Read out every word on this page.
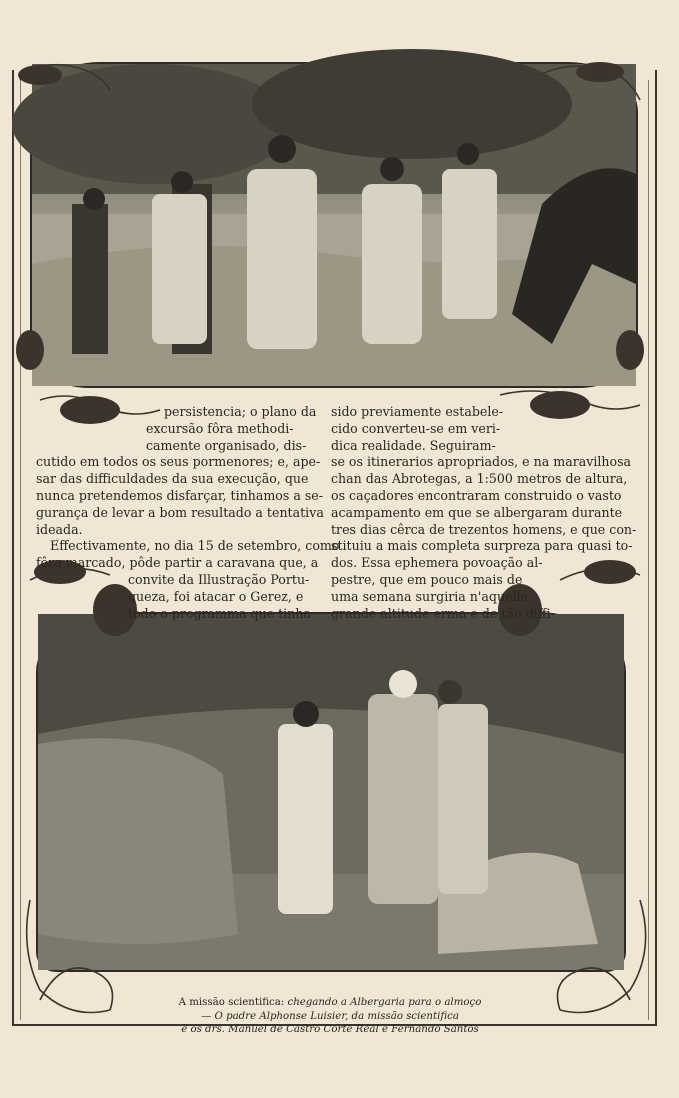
persistencia; o plano da
excursão fôra methodi-
camente organisado, dis-
cutido em todos os seus pormenores; e, ape-
sar das difficuldades da sua execução, que
nunca pretendemos disfarçar, tinhamos a se-
gurança de levar a bom resultado a tentativa
ideada.
Effectivamente, no dia 15 de setembro, como
fôra marcado, pôde partir a caravana que, a
convite da Illustração Portu-
gueza, foi atacar o Gerez, e
todo o programma que tinha
sido previamente estabele-
cido converteu-se em veri-
dica realidade. Seguiram-
se os itinerarios apropriados, e na maravilhosa
chan das Abrotegas, a 1:500 metros de altura,
os caçadores encontraram construido o vasto
acampamento em que se albergaram durante
tres dias cêrca de trezentos homens, e que con-
stituiu a mais completa surpreza para quasi to-
dos. Essa ephemera povoação al-
pestre, que em pouco mais de
uma semana surgiria n'aquella
grande altitude erma e de tão diffi-
A missão scientifica: chegando a Albergaria para o almoço
— O padre Alphonse Luisier, da missão scientifica
e os drs. Manuel de Castro Corte Real e Fernando Santos
